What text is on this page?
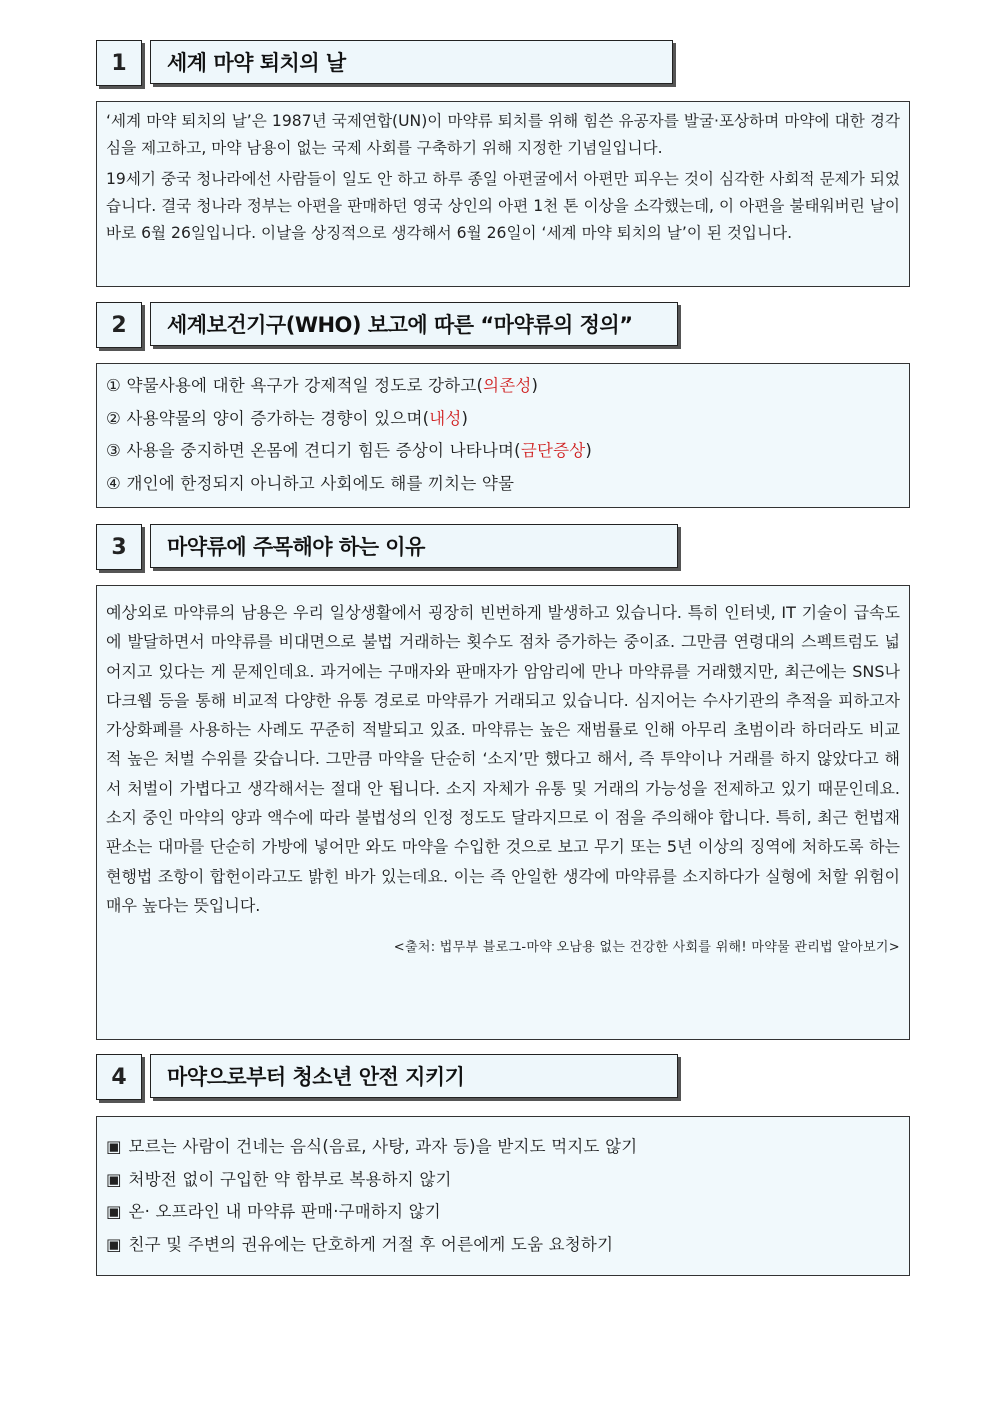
1	세계 마약 퇴치의 날

‘세계 마약 퇴치의 날’은 1987년 국제연합(UN)이 마약류 퇴치를 위해 힘쓴 유공자를 발굴·포상하며 마약에 대한 경각심을 제고하고, 마약 남용이 없는 국제 사회를 구축하기 위해 지정한 기념일입니다.

19세기 중국 청나라에선 사람들이 일도 안 하고 하루 종일 아편굴에서 아편만 피우는 것이 심각한 사회적 문제가 되었습니다. 결국 청나라 정부는 아편을 판매하던 영국 상인의 아편 1천 톤 이상을 소각했는데, 이 아편을 불태워버린 날이 바로 6월 26일입니다. 이날을 상징적으로 생각해서 6월 26일이 ‘세계 마약 퇴치의 날’이 된 것입니다.

2	세계보건기구(WHO) 보고에 따른 “마약류의 정의”

① 약물사용에 대한 욕구가 강제적일 정도로 강하고(의존성)

② 사용약물의 양이 증가하는 경향이 있으며(내성)

③ 사용을 중지하면 온몸에 견디기 힘든 증상이 나타나며(금단증상)

④ 개인에 한정되지 아니하고 사회에도 해를 끼치는 약물

3	마약류에 주목해야 하는 이유

예상외로 마약류의 남용은 우리 일상생활에서 굉장히 빈번하게 발생하고 있습니다. 특히 인터넷, IT 기술이 급속도에 발달하면서 마약류를 비대면으로 불법 거래하는 횟수도 점차 증가하는 중이죠. 그만큼 연령대의 스펙트럼도 넓어지고 있다는 게 문제인데요. 과거에는 구매자와 판매자가 암암리에 만나 마약류를 거래했지만, 최근에는 SNS나 다크웹 등을 통해 비교적 다양한 유통 경로로 마약류가 거래되고 있습니다. 심지어는 수사기관의 추적을 피하고자 가상화폐를 사용하는 사례도 꾸준히 적발되고 있죠. 마약류는 높은 재범률로 인해 아무리 초범이라 하더라도 비교적 높은 처벌 수위를 갖습니다. 그만큼 마약을 단순히 ‘소지’만 했다고 해서, 즉 투약이나 거래를 하지 않았다고 해서 처벌이 가볍다고 생각해서는 절대 안 됩니다. 소지 자체가 유통 및 거래의 가능성을 전제하고 있기 때문인데요. 소지 중인 마약의 양과 액수에 따라 불법성의 인정 정도도 달라지므로 이 점을 주의해야 합니다. 특히, 최근 헌법재판소는 대마를 단순히 가방에 넣어만 와도 마약을 수입한 것으로 보고 무기 또는 5년 이상의 징역에 처하도록 하는 현행법 조항이 합헌이라고도 밝힌 바가 있는데요. 이는 즉 안일한 생각에 마약류를 소지하다가 실형에 처할 위험이 매우 높다는 뜻입니다.

<출처: 법무부 블로그-마약 오남용 없는 건강한 사회를 위해! 마약물 관리법 알아보기>

4	마약으로부터 청소년 안전 지키기

▣ 모르는 사람이 건네는 음식(음료, 사탕, 과자 등)을 받지도 먹지도 않기

▣ 처방전 없이 구입한 약 함부로 복용하지 않기

▣ 온· 오프라인 내 마약류 판매·구매하지 않기

▣ 친구 및 주변의 권유에는 단호하게 거절 후 어른에게 도움 요청하기
